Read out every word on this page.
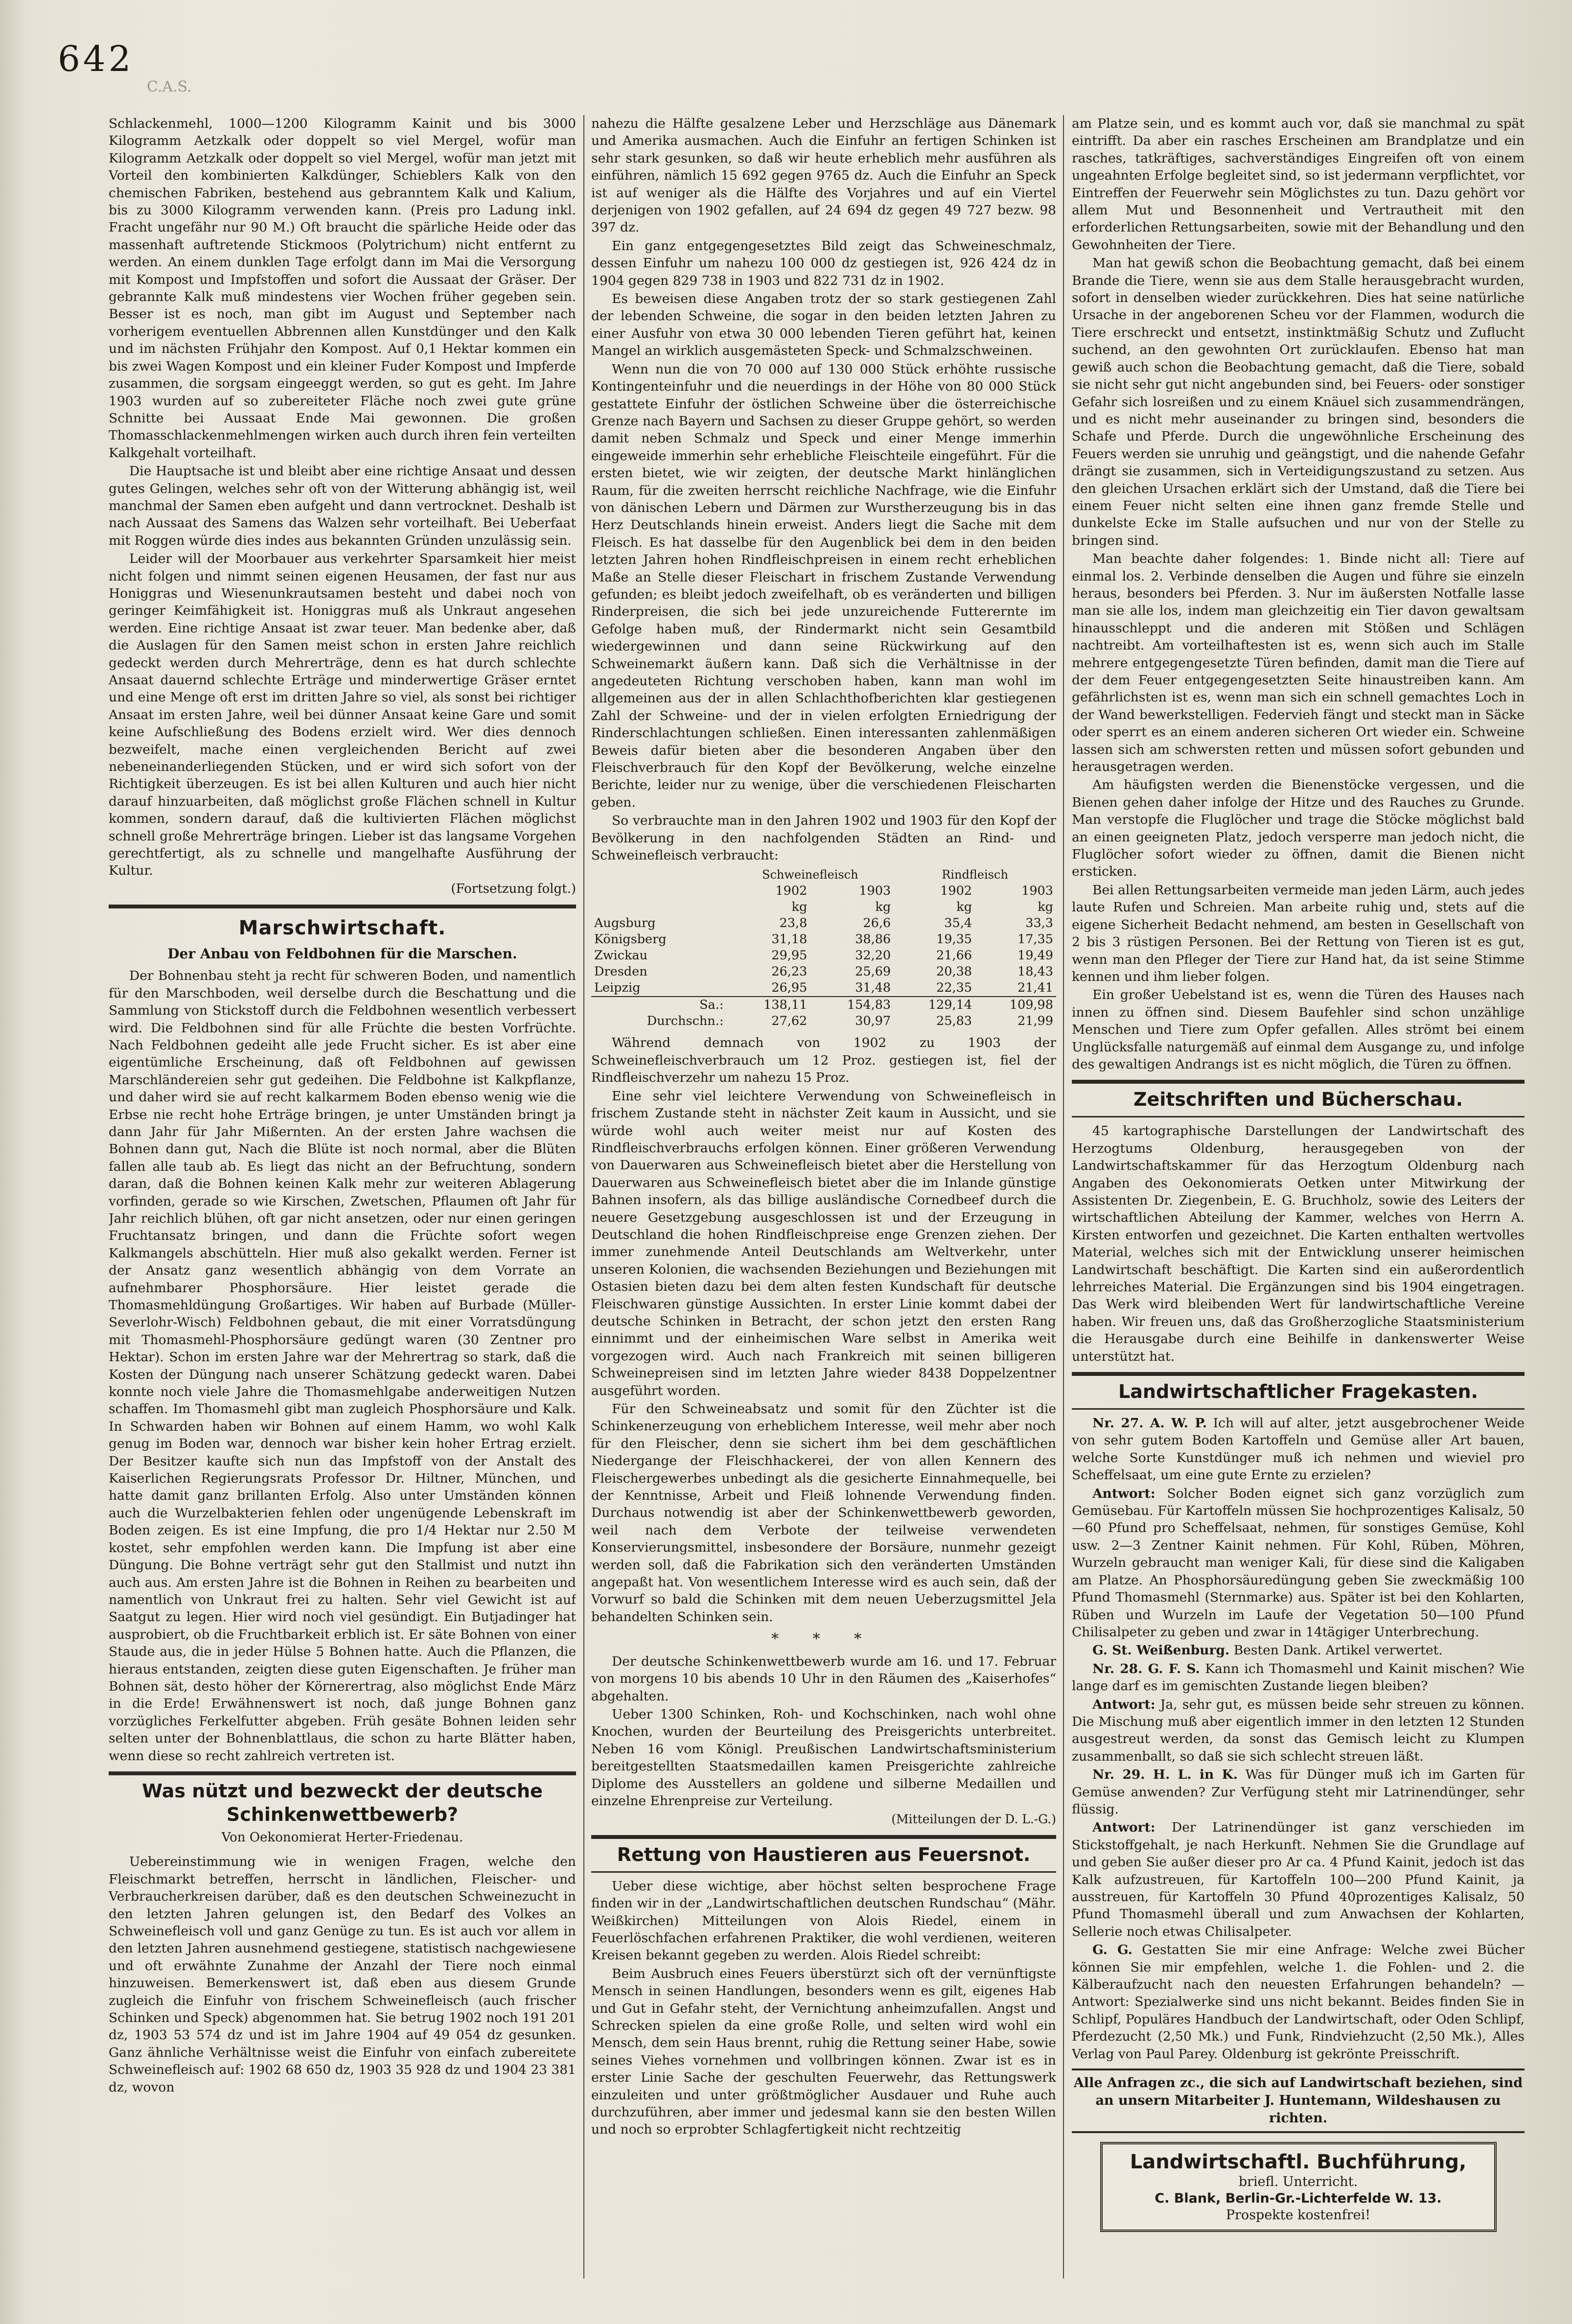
642
C.A.S.

Schlackenmehl, 1000—1200 Kilogramm Kainit und bis 3000 Kilogramm Aetzkalk oder doppelt so viel Mergel, wofür man Kilogramm Aetzkalk oder doppelt so viel Mergel, wofür man jetzt mit Vorteil den kombinierten Kalkdünger, Schieblers Kalk von den chemischen Fabriken, bestehend aus gebranntem Kalk und Kalium, bis zu 3000 Kilogramm verwenden kann. (Preis pro Ladung inkl. Fracht ungefähr nur 90 M.) Oft braucht die spärliche Heide oder das massenhaft auftretende Stickmoos (Polytrichum) nicht entfernt zu werden. An einem dunklen Tage erfolgt dann im Mai die Versorgung mit Kompost und Impfstoffen und sofort die Aussaat der Gräser. Der gebrannte Kalk muß mindestens vier Wochen früher gegeben sein. Besser ist es noch, man gibt im August und September nach vorherigem eventuellen Abbrennen allen Kunstdünger und den Kalk und im nächsten Frühjahr den Kompost. Auf 0,1 Hektar kommen ein bis zwei Wagen Kompost und ein kleiner Fuder Kompost und Impferde zusammen, die sorgsam eingeeggt werden, so gut es geht. Im Jahre 1903 wurden auf so zubereiteter Fläche noch zwei gute grüne Schnitte bei Aussaat Ende Mai gewonnen. Die großen Thomasschlackenmehlmengen wirken auch durch ihren fein verteilten Kalkgehalt vorteilhaft.

Die Hauptsache ist und bleibt aber eine richtige Ansaat und dessen gutes Gelingen, welches sehr oft von der Witterung abhängig ist, weil manchmal der Samen eben aufgeht und dann vertrocknet. Deshalb ist nach Aussaat des Samens das Walzen sehr vorteilhaft. Bei Ueberfaat mit Roggen würde dies indes aus bekannten Gründen unzulässig sein.

Leider will der Moorbauer aus verkehrter Sparsamkeit hier meist nicht folgen und nimmt seinen eigenen Heusamen, der fast nur aus Honiggras und Wiesenunkrautsamen besteht und dabei noch von geringer Keimfähigkeit ist. Honiggras muß als Unkraut angesehen werden. Eine richtige Ansaat ist zwar teuer. Man bedenke aber, daß die Auslagen für den Samen meist schon in ersten Jahre reichlich gedeckt werden durch Mehrerträge, denn es hat durch schlechte Ansaat dauernd schlechte Erträge und minderwertige Gräser erntet und eine Menge oft erst im dritten Jahre so viel, als sonst bei richtiger Ansaat im ersten Jahre, weil bei dünner Ansaat keine Gare und somit keine Aufschließung des Bodens erzielt wird. Wer dies dennoch bezweifelt, mache einen vergleichenden Bericht auf zwei nebeneinanderliegenden Stücken, und er wird sich sofort von der Richtigkeit überzeugen. Es ist bei allen Kulturen und auch hier nicht darauf hinzuarbeiten, daß möglichst große Flächen schnell in Kultur kommen, sondern darauf, daß die kultivierten Flächen möglichst schnell große Mehrerträge bringen. Lieber ist das langsame Vorgehen gerechtfertigt, als zu schnelle und mangelhafte Ausführung der Kultur.

(Fortsetzung folgt.)
Marschwirtschaft.
Der Anbau von Feldbohnen für die Marschen.

Der Bohnenbau steht ja recht für schweren Boden, und namentlich für den Marschboden, weil derselbe durch die Beschattung und die Sammlung von Stickstoff durch die Feldbohnen wesentlich verbessert wird. Die Feldbohnen sind für alle Früchte die besten Vorfrüchte. Nach Feldbohnen gedeiht alle jede Frucht sicher. Es ist aber eine eigentümliche Erscheinung, daß oft Feldbohnen auf gewissen Marschländereien sehr gut gedeihen. Die Feldbohne ist Kalkpflanze, und daher wird sie auf recht kalkarmem Boden ebenso wenig wie die Erbse nie recht hohe Erträge bringen, je unter Umständen bringt ja dann Jahr für Jahr Mißernten. An der ersten Jahre wachsen die Bohnen dann gut, Nach die Blüte ist noch normal, aber die Blüten fallen alle taub ab. Es liegt das nicht an der Befruchtung, sondern daran, daß die Bohnen keinen Kalk mehr zur weiteren Ablagerung vorfinden, gerade so wie Kirschen, Zwetschen, Pflaumen oft Jahr für Jahr reichlich blühen, oft gar nicht ansetzen, oder nur einen geringen Fruchtansatz bringen, und dann die Früchte sofort wegen Kalkmangels abschütteln. Hier muß also gekalkt werden. Ferner ist der Ansatz ganz wesentlich abhängig von dem Vorrate an aufnehmbarer Phosphorsäure. Hier leistet gerade die Thomasmehldüngung Großartiges. Wir haben auf Burbade (Müller-Severlohr-Wisch) Feldbohnen gebaut, die mit einer Vorratsdüngung mit Thomasmehl-Phosphorsäure gedüngt waren (30 Zentner pro Hektar). Schon im ersten Jahre war der Mehrertrag so stark, daß die Kosten der Düngung nach unserer Schätzung gedeckt waren. Dabei konnte noch viele Jahre die Thomasmehlgabe anderweitigen Nutzen schaffen. Im Thomasmehl gibt man zugleich Phosphorsäure und Kalk. In Schwarden haben wir Bohnen auf einem Hamm, wo wohl Kalk genug im Boden war, dennoch war bisher kein hoher Ertrag erzielt. Der Besitzer kaufte sich nun das Impfstoff von der Anstalt des Kaiserlichen Regierungsrats Professor Dr. Hiltner, München, und hatte damit ganz brillanten Erfolg. Also unter Umständen können auch die Wurzelbakterien fehlen oder ungenügende Lebenskraft im Boden zeigen. Es ist eine Impfung, die pro 1/4 Hektar nur 2.50 M kostet, sehr empfohlen werden kann. Die Impfung ist aber eine Düngung. Die Bohne verträgt sehr gut den Stallmist und nutzt ihn auch aus. Am ersten Jahre ist die Bohnen in Reihen zu bearbeiten und namentlich von Unkraut frei zu halten. Sehr viel Gewicht ist auf Saatgut zu legen. Hier wird noch viel gesündigt. Ein Butjadinger hat ausprobiert, ob die Fruchtbarkeit erblich ist. Er säte Bohnen von einer Staude aus, die in jeder Hülse 5 Bohnen hatte. Auch die Pflanzen, die hieraus entstanden, zeigten diese guten Eigenschaften. Je früher man Bohnen sät, desto höher der Körnerertrag, also möglichst Ende März in die Erde! Erwähnenswert ist noch, daß junge Bohnen ganz vorzügliches Ferkelfutter abgeben. Früh gesäte Bohnen leiden sehr selten unter der Bohnenblattlaus, die schon zu harte Blätter haben, wenn diese so recht zahlreich vertreten ist.

Was nützt und bezweckt der deutsche Schinkenwettbewerb?
Von Oekonomierat Herter-Friedenau.

Uebereinstimmung wie in wenigen Fragen, welche den Fleischmarkt betreffen, herrscht in ländlichen, Fleischer- und Verbraucherkreisen darüber, daß es den deutschen Schweinezucht in den letzten Jahren gelungen ist, den Bedarf des Volkes an Schweinefleisch voll und ganz Genüge zu tun. Es ist auch vor allem in den letzten Jahren ausnehmend gestiegene, statistisch nachgewiesene und oft erwähnte Zunahme der Anzahl der Tiere noch einmal hinzuweisen. Bemerkenswert ist, daß eben aus diesem Grunde zugleich die Einfuhr von frischem Schweinefleisch (auch frischer Schinken und Speck) abgenommen hat. Sie betrug 1902 noch 191 201 dz, 1903 53 574 dz und ist im Jahre 1904 auf 49 054 dz gesunken. Ganz ähnliche Verhältnisse weist die Einfuhr von einfach zubereitete Schweinefleisch auf: 1902 68 650 dz, 1903 35 928 dz und 1904 23 381 dz, wovon

nahezu die Hälfte gesalzene Leber und Herzschläge aus Dänemark und Amerika ausmachen. Auch die Einfuhr an fertigen Schinken ist sehr stark gesunken, so daß wir heute erheblich mehr ausführen als einführen, nämlich 15 692 gegen 9765 dz. Auch die Einfuhr an Speck ist auf weniger als die Hälfte des Vorjahres und auf ein Viertel derjenigen von 1902 gefallen, auf 24 694 dz gegen 49 727 bezw. 98 397 dz.

Ein ganz entgegengesetztes Bild zeigt das Schweineschmalz, dessen Einfuhr um nahezu 100 000 dz gestiegen ist, 926 424 dz in 1904 gegen 829 738 in 1903 und 822 731 dz in 1902.

Es beweisen diese Angaben trotz der so stark gestiegenen Zahl der lebenden Schweine, die sogar in den beiden letzten Jahren zu einer Ausfuhr von etwa 30 000 lebenden Tieren geführt hat, keinen Mangel an wirklich ausgemästeten Speck- und Schmalzschweinen.

Wenn nun die von 70 000 auf 130 000 Stück erhöhte russische Kontingenteinfuhr und die neuerdings in der Höhe von 80 000 Stück gestattete Einfuhr der östlichen Schweine über die österreichische Grenze nach Bayern und Sachsen zu dieser Gruppe gehört, so werden damit neben Schmalz und Speck und einer Menge immerhin eingeweide immerhin sehr erhebliche Fleischteile eingeführt. Für die ersten bietet, wie wir zeigten, der deutsche Markt hinlänglichen Raum, für die zweiten herrscht reichliche Nachfrage, wie die Einfuhr von dänischen Lebern und Därmen zur Wurstherzeugung bis in das Herz Deutschlands hinein erweist. Anders liegt die Sache mit dem Fleisch. Es hat dasselbe für den Augenblick bei dem in den beiden letzten Jahren hohen Rindfleischpreisen in einem recht erheblichen Maße an Stelle dieser Fleischart in frischem Zustande Verwendung gefunden; es bleibt jedoch zweifelhaft, ob es veränderten und billigen Rinderpreisen, die sich bei jede unzureichende Futterernte im Gefolge haben muß, der Rindermarkt nicht sein Gesamtbild wiedergewinnen und dann seine Rückwirkung auf den Schweinemarkt äußern kann. Daß sich die Verhältnisse in der angedeuteten Richtung verschoben haben, kann man wohl im allgemeinen aus der in allen Schlachthofberichten klar gestiegenen Zahl der Schweine- und der in vielen erfolgten Erniedrigung der Rinderschlachtungen schließen. Einen interessanten zahlenmäßigen Beweis dafür bieten aber die besonderen Angaben über den Fleischverbrauch für den Kopf der Bevölkerung, welche einzelne Berichte, leider nur zu wenige, über die verschiedenen Fleischarten geben.

So verbrauchte man in den Jahren 1902 und 1903 für den Kopf der Bevölkerung in den nachfolgenden Städten an Rind- und Schweinefleisch verbraucht:

	Schweinefleisch		Rindfleisch	
	1902	1903	1902	1903
	kg	kg	kg	kg
Augsburg	23,8	26,6	35,4	33,3
Königsberg	31,18	38,86	19,35	17,35
Zwickau	29,95	32,20	21,66	19,49
Dresden	26,23	25,69	20,38	18,43
Leipzig	26,95	31,48	22,35	21,41
Sa.:	138,11	154,83	129,14	109,98
Durchschn.:	27,62	30,97	25,83	21,99

Während demnach von 1902 zu 1903 der Schweinefleischverbrauch um 12 Proz. gestiegen ist, fiel der Rindfleischverzehr um nahezu 15 Proz.

Eine sehr viel leichtere Verwendung von Schweinefleisch in frischem Zustande steht in nächster Zeit kaum in Aussicht, und sie würde wohl auch weiter meist nur auf Kosten des Rindfleischverbrauchs erfolgen können. Einer größeren Verwendung von Dauerwaren aus Schweinefleisch bietet aber die Herstellung von Dauerwaren aus Schweinefleisch bietet aber die im Inlande günstige Bahnen insofern, als das billige ausländische Cornedbeef durch die neuere Gesetzgebung ausgeschlossen ist und der Erzeugung in Deutschland die hohen Rindfleischpreise enge Grenzen ziehen. Der immer zunehmende Anteil Deutschlands am Weltverkehr, unter unseren Kolonien, die wachsenden Beziehungen und Beziehungen mit Ostasien bieten dazu bei dem alten festen Kundschaft für deutsche Fleischwaren günstige Aussichten. In erster Linie kommt dabei der deutsche Schinken in Betracht, der schon jetzt den ersten Rang einnimmt und der einheimischen Ware selbst in Amerika weit vorgezogen wird. Auch nach Frankreich mit seinen billigeren Schweinepreisen sind im letzten Jahre wieder 8438 Doppelzentner ausgeführt worden.

Für den Schweineabsatz und somit für den Züchter ist die Schinkenerzeugung von erheblichem Interesse, weil mehr aber noch für den Fleischer, denn sie sichert ihm bei dem geschäftlichen Niedergange der Fleischhackerei, der von allen Kennern des Fleischergewerbes unbedingt als die gesicherte Einnahmequelle, bei der Kenntnisse, Arbeit und Fleiß lohnende Verwendung finden. Durchaus notwendig ist aber der Schinkenwettbewerb geworden, weil nach dem Verbote der teilweise verwendeten Konservierungsmittel, insbesondere der Borsäure, nunmehr gezeigt werden soll, daß die Fabrikation sich den veränderten Umständen angepaßt hat. Von wesentlichem Interesse wird es auch sein, daß der Vorwurf so bald die Schinken mit dem neuen Ueberzugsmittel Jela behandelten Schinken sein.

* * *

Der deutsche Schinkenwettbewerb wurde am 16. und 17. Februar von morgens 10 bis abends 10 Uhr in den Räumen des „Kaiserhofes“ abgehalten.

Ueber 1300 Schinken, Roh- und Kochschinken, nach wohl ohne Knochen, wurden der Beurteilung des Preisgerichts unterbreitet. Neben 16 vom Königl. Preußischen Landwirtschaftsministerium bereitgestellten Staatsmedaillen kamen Preisgerichte zahlreiche Diplome des Ausstellers an goldene und silberne Medaillen und einzelne Ehrenpreise zur Verteilung.

(Mitteilungen der D. L.-G.)
Rettung von Haustieren aus Feuersnot.

Ueber diese wichtige, aber höchst selten besprochene Frage finden wir in der „Landwirtschaftlichen deutschen Rundschau“ (Mähr. Weißkirchen) Mitteilungen von Alois Riedel, einem in Feuerlöschfachen erfahrenen Praktiker, die wohl verdienen, weiteren Kreisen bekannt gegeben zu werden. Alois Riedel schreibt:

Beim Ausbruch eines Feuers überstürzt sich oft der vernünftigste Mensch in seinen Handlungen, besonders wenn es gilt, eigenes Hab und Gut in Gefahr steht, der Vernichtung anheimzufallen. Angst und Schrecken spielen da eine große Rolle, und selten wird wohl ein Mensch, dem sein Haus brennt, ruhig die Rettung seiner Habe, sowie seines Viehes vornehmen und vollbringen können. Zwar ist es in erster Linie Sache der geschulten Feuerwehr, das Rettungswerk einzuleiten und unter größtmöglicher Ausdauer und Ruhe auch durchzuführen, aber immer und jedesmal kann sie den besten Willen und noch so erprobter Schlagfertigkeit nicht rechtzeitig

am Platze sein, und es kommt auch vor, daß sie manchmal zu spät eintrifft. Da aber ein rasches Erscheinen am Brandplatze und ein rasches, tatkräftiges, sachverständiges Eingreifen oft von einem ungeahnten Erfolge begleitet sind, so ist jedermann verpflichtet, vor Eintreffen der Feuerwehr sein Möglichstes zu tun. Dazu gehört vor allem Mut und Besonnenheit und Vertrautheit mit den erforderlichen Rettungsarbeiten, sowie mit der Behandlung und den Gewohnheiten der Tiere.

Man hat gewiß schon die Beobachtung gemacht, daß bei einem Brande die Tiere, wenn sie aus dem Stalle herausgebracht wurden, sofort in denselben wieder zurückkehren. Dies hat seine natürliche Ursache in der angeborenen Scheu vor der Flammen, wodurch die Tiere erschreckt und entsetzt, instinktmäßig Schutz und Zuflucht suchend, an den gewohnten Ort zurücklaufen. Ebenso hat man gewiß auch schon die Beobachtung gemacht, daß die Tiere, sobald sie nicht sehr gut nicht angebunden sind, bei Feuers- oder sonstiger Gefahr sich losreißen und zu einem Knäuel sich zusammendrängen, und es nicht mehr auseinander zu bringen sind, besonders die Schafe und Pferde. Durch die ungewöhnliche Erscheinung des Feuers werden sie unruhig und geängstigt, und die nahende Gefahr drängt sie zusammen, sich in Verteidigungszustand zu setzen. Aus den gleichen Ursachen erklärt sich der Umstand, daß die Tiere bei einem Feuer nicht selten eine ihnen ganz fremde Stelle und dunkelste Ecke im Stalle aufsuchen und nur von der Stelle zu bringen sind.

Man beachte daher folgendes: 1. Binde nicht all: Tiere auf einmal los. 2. Verbinde denselben die Augen und führe sie einzeln heraus, besonders bei Pferden. 3. Nur im äußersten Notfalle lasse man sie alle los, indem man gleichzeitig ein Tier davon gewaltsam hinausschleppt und die anderen mit Stößen und Schlägen nachtreibt. Am vorteilhaftesten ist es, wenn sich auch im Stalle mehrere entgegengesetzte Türen befinden, damit man die Tiere auf der dem Feuer entgegengesetzten Seite hinaustreiben kann. Am gefährlichsten ist es, wenn man sich ein schnell gemachtes Loch in der Wand bewerkstelligen. Federvieh fängt und steckt man in Säcke oder sperrt es an einem anderen sicheren Ort wieder ein. Schweine lassen sich am schwersten retten und müssen sofort gebunden und herausgetragen werden.

Am häufigsten werden die Bienenstöcke vergessen, und die Bienen gehen daher infolge der Hitze und des Rauches zu Grunde. Man verstopfe die Fluglöcher und trage die Stöcke möglichst bald an einen geeigneten Platz, jedoch versperre man jedoch nicht, die Fluglöcher sofort wieder zu öffnen, damit die Bienen nicht ersticken.

Bei allen Rettungsarbeiten vermeide man jeden Lärm, auch jedes laute Rufen und Schreien. Man arbeite ruhig und, stets auf die eigene Sicherheit Bedacht nehmend, am besten in Gesellschaft von 2 bis 3 rüstigen Personen. Bei der Rettung von Tieren ist es gut, wenn man den Pfleger der Tiere zur Hand hat, da ist seine Stimme kennen und ihm lieber folgen.

Ein großer Uebelstand ist es, wenn die Türen des Hauses nach innen zu öffnen sind. Diesem Baufehler sind schon unzählige Menschen und Tiere zum Opfer gefallen. Alles strömt bei einem Unglücksfalle naturgemäß auf einmal dem Ausgange zu, und infolge des gewaltigen Andrangs ist es nicht möglich, die Türen zu öffnen.

Zeitschriften und Bücherschau.

45 kartographische Darstellungen der Landwirtschaft des Herzogtums Oldenburg, herausgegeben von der Landwirtschaftskammer für das Herzogtum Oldenburg nach Angaben des Oekonomierats Oetken unter Mitwirkung der Assistenten Dr. Ziegenbein, E. G. Bruchholz, sowie des Leiters der wirtschaftlichen Abteilung der Kammer, welches von Herrn A. Kirsten entworfen und gezeichnet. Die Karten enthalten wertvolles Material, welches sich mit der Entwicklung unserer heimischen Landwirtschaft beschäftigt. Die Karten sind ein außerordentlich lehrreiches Material. Die Ergänzungen sind bis 1904 eingetragen. Das Werk wird bleibenden Wert für landwirtschaftliche Vereine haben. Wir freuen uns, daß das Großherzogliche Staatsministerium die Herausgabe durch eine Beihilfe in dankenswerter Weise unterstützt hat.

Landwirtschaftlicher Fragekasten.

Nr. 27. A. W. P. Ich will auf alter, jetzt ausgebrochener Weide von sehr gutem Boden Kartoffeln und Gemüse aller Art bauen, welche Sorte Kunstdünger muß ich nehmen und wieviel pro Scheffelsaat, um eine gute Ernte zu erzielen?

Antwort: Solcher Boden eignet sich ganz vorzüglich zum Gemüsebau. Für Kartoffeln müssen Sie hochprozentiges Kalisalz, 50—60 Pfund pro Scheffelsaat, nehmen, für sonstiges Gemüse, Kohl usw. 2—3 Zentner Kainit nehmen. Für Kohl, Rüben, Möhren, Wurzeln gebraucht man weniger Kali, für diese sind die Kaligaben am Platze. An Phosphorsäuredüngung geben Sie zweckmäßig 100 Pfund Thomasmehl (Sternmarke) aus. Später ist bei den Kohlarten, Rüben und Wurzeln im Laufe der Vegetation 50—100 Pfund Chilisalpeter zu geben und zwar in 14tägiger Unterbrechung.

G. St. Weißenburg. Besten Dank. Artikel verwertet.

Nr. 28. G. F. S. Kann ich Thomasmehl und Kainit mischen? Wie lange darf es im gemischten Zustande liegen bleiben?

Antwort: Ja, sehr gut, es müssen beide sehr streuen zu können. Die Mischung muß aber eigentlich immer in den letzten 12 Stunden ausgestreut werden, da sonst das Gemisch leicht zu Klumpen zusammenballt, so daß sie sich schlecht streuen läßt.

Nr. 29. H. L. in K. Was für Dünger muß ich im Garten für Gemüse anwenden? Zur Verfügung steht mir Latrinendünger, sehr flüssig.

Antwort: Der Latrinendünger ist ganz verschieden im Stickstoffgehalt, je nach Herkunft. Nehmen Sie die Grundlage auf und geben Sie außer dieser pro Ar ca. 4 Pfund Kainit, jedoch ist das Kalk aufzustreuen, für Kartoffeln 100—200 Pfund Kainit, ja ausstreuen, für Kartoffeln 30 Pfund 40prozentiges Kalisalz, 50 Pfund Thomasmehl überall und zum Anwachsen der Kohlarten, Sellerie noch etwas Chilisalpeter.

G. G. Gestatten Sie mir eine Anfrage: Welche zwei Bücher können Sie mir empfehlen, welche 1. die Fohlen- und 2. die Kälberaufzucht nach den neuesten Erfahrungen behandeln? — Antwort: Spezialwerke sind uns nicht bekannt. Beides finden Sie in Schlipf, Populäres Handbuch der Landwirtschaft, oder Oden Schlipf, Pferdezucht (2,50 Mk.) und Funk, Rindviehzucht (2,50 Mk.), Alles Verlag von Paul Parey. Oldenburg ist gekrönte Preisschrift.

Alle Anfragen zc., die sich auf Landwirtschaft beziehen, sind an unsern Mitarbeiter J. Huntemann, Wildeshausen zu richten.
Landwirtschaftl. Buchführung,
briefl. Unterricht.
C. Blank, Berlin-Gr.-Lichterfelde W. 13.
Prospekte kostenfrei!
